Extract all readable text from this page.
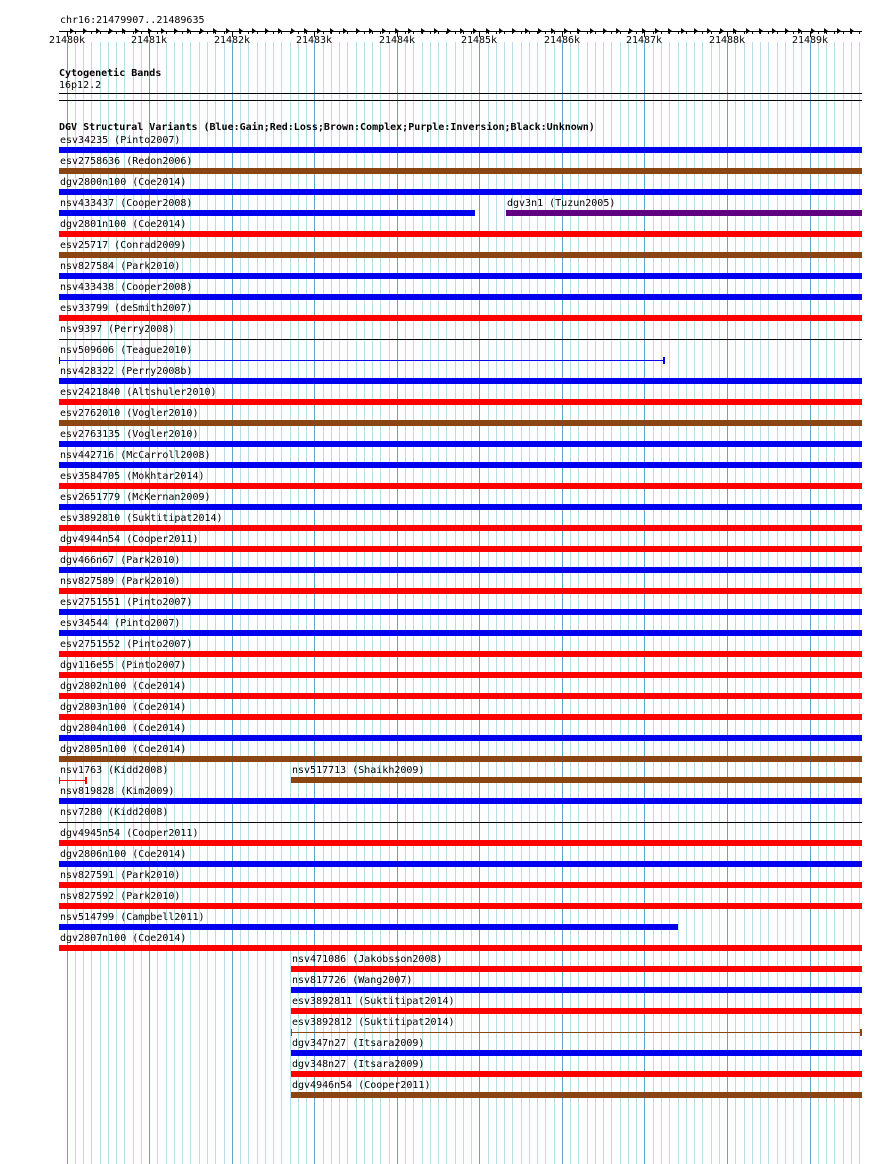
chr16:21479907..21489635
21480k	21481k	21482k	21483k	21484k	21485k	21486k	21487k	21488k	21489k
Cytogenetic Bands
16p12.2
DGV Structural Variants (Blue:Gain;Red:Loss;Brown:Complex;Purple:Inversion;Black:Unknown)
esv34235 (Pinto2007)
esv2758636 (Redon2006)
dgv2800n100 (Coe2014)
nsv433437 (Cooper2008)	dgv3n1 (Tuzun2005)
dgv2801n100 (Coe2014)
esv25717 (Conrad2009)
nsv827584 (Park2010)
nsv433438 (Cooper2008)
esv33799 (deSmith2007)
nsv9397 (Perry2008)
nsv509606 (Teague2010)
nsv428322 (Perry2008b)
esv2421840 (Altshuler2010)
esv2762010 (Vogler2010)
esv2763135 (Vogler2010)
nsv442716 (McCarroll2008)
esv3584705 (Mokhtar2014)
esv2651779 (McKernan2009)
esv3892810 (Suktitipat2014)
dgv4944n54 (Cooper2011)
dgv466n67 (Park2010)
nsv827589 (Park2010)
esv2751551 (Pinto2007)
esv34544 (Pinto2007)
esv2751552 (Pinto2007)
dgv116e55 (Pinto2007)
dgv2802n100 (Coe2014)
dgv2803n100 (Coe2014)
dgv2804n100 (Coe2014)
dgv2805n100 (Coe2014)
nsv1763 (Kidd2008)	nsv517713 (Shaikh2009)
nsv819828 (Kim2009)
nsv7280 (Kidd2008)
dgv4945n54 (Cooper2011)
dgv2806n100 (Coe2014)
nsv827591 (Park2010)
nsv827592 (Park2010)
nsv514799 (Campbell2011)
dgv2807n100 (Coe2014)
nsv471086 (Jakobsson2008)
nsv817726 (Wang2007)
esv3892811 (Suktitipat2014)
esv3892812 (Suktitipat2014)
dgv347n27 (Itsara2009)
dgv348n27 (Itsara2009)
dgv4946n54 (Cooper2011)
